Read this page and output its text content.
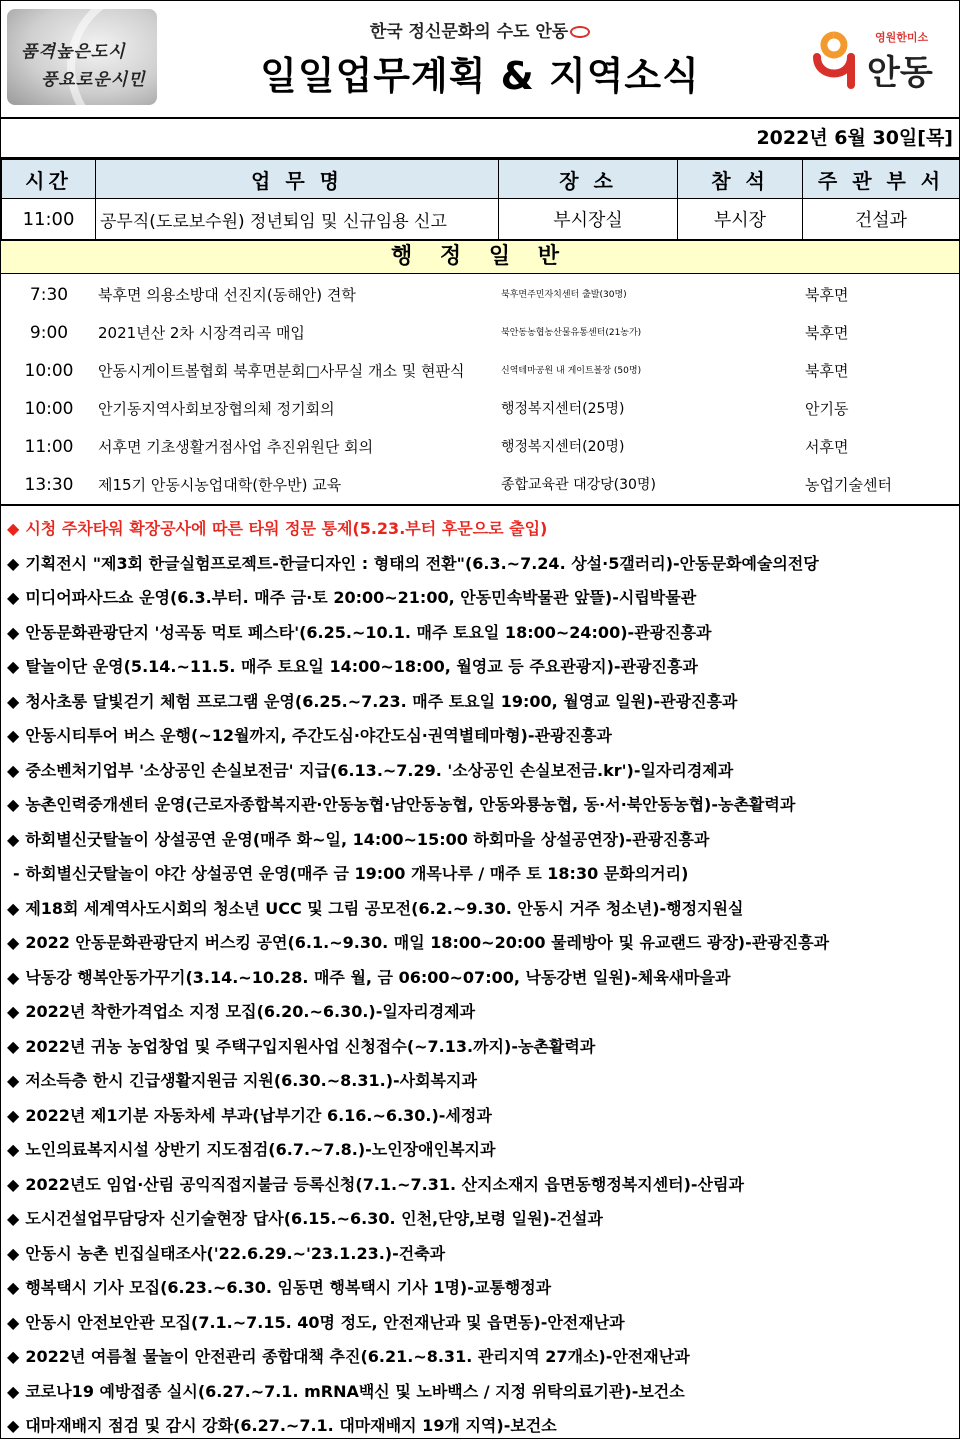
품격높은도시
풍요로운시민
한국 정신문화의 수도 안동
일일업무계획 & 지역소식
영원한미소
안동
2022년 6월 30일[목]
시간	업 무 명	장 소	참 석	주 관 부 서
11:00	공무직(도로보수원) 정년퇴임 및 신규임용 신고	부시장실	부시장	건설과
행 정 일 반
7:30	북후면 의용소방대 선진지(동해안) 견학	북후면주민자치센터 출발(30명)	북후면
9:00	2021년산 2차 시장격리곡 매입	북안동농협농산물유통센터(21농가)	북후면
10:00	안동시게이트볼협회 북후면분회□사무실 개소 및 현판식	신역테마공원 내 게이트볼장 (50명)	북후면
10:00	안기동지역사회보장협의체 정기회의	행정복지센터(25명)	안기동
11:00	서후면 기초생활거점사업 추진위원단 회의	행정복지센터(20명)	서후면
13:30	제15기 안동시농업대학(한우반) 교육	종합교육관 대강당(30명)	농업기술센터
◆ 시청 주차타워 확장공사에 따른 타워 정문 통제(5.23.부터 후문으로 출입)
◆ 기획전시 "제3회 한글실험프로젝트-한글디자인 : 형태의 전환"(6.3.~7.24. 상설·5갤러리)-안동문화예술의전당
◆ 미디어파사드쇼 운영(6.3.부터. 매주 금·토 20:00~21:00, 안동민속박물관 앞뜰)-시립박물관
◆ 안동문화관광단지 '성곡동 먹토 페스타'(6.25.~10.1. 매주 토요일 18:00~24:00)-관광진흥과
◆ 탈놀이단 운영(5.14.~11.5. 매주 토요일 14:00~18:00, 월영교 등 주요관광지)-관광진흥과
◆ 청사초롱 달빛걷기 체험 프로그램 운영(6.25.~7.23. 매주 토요일 19:00, 월영교 일원)-관광진흥과
◆ 안동시티투어 버스 운행(~12월까지, 주간도심·야간도심·권역별테마형)-관광진흥과
◆ 중소벤처기업부 '소상공인 손실보전금' 지급(6.13.~7.29. '소상공인 손실보전금.kr')-일자리경제과
◆ 농촌인력중개센터 운영(근로자종합복지관·안동농협·남안동농협, 안동와룡농협, 동·서·북안동농협)-농촌활력과
◆ 하회별신굿탈놀이 상설공연 운영(매주 화~일, 14:00~15:00 하회마을 상설공연장)-관광진흥과
- 하회별신굿탈놀이 야간 상설공연 운영(매주 금 19:00 개목나루 / 매주 토 18:30 문화의거리)
◆ 제18회 세계역사도시회의 청소년 UCC 및 그림 공모전(6.2.~9.30. 안동시 거주 청소년)-행정지원실
◆ 2022 안동문화관광단지 버스킹 공연(6.1.~9.30. 매일 18:00~20:00 물레방아 및 유교랜드 광장)-관광진흥과
◆ 낙동강 행복안동가꾸기(3.14.~10.28. 매주 월, 금 06:00~07:00, 낙동강변 일원)-체육새마을과
◆ 2022년 착한가격업소 지정 모집(6.20.~6.30.)-일자리경제과
◆ 2022년 귀농 농업창업 및 주택구입지원사업 신청접수(~7.13.까지)-농촌활력과
◆ 저소득층 한시 긴급생활지원금 지원(6.30.~8.31.)-사회복지과
◆ 2022년 제1기분 자동차세 부과(납부기간 6.16.~6.30.)-세정과
◆ 노인의료복지시설 상반기 지도점검(6.7.~7.8.)-노인장애인복지과
◆ 2022년도 임업·산림 공익직접지불금 등록신청(7.1.~7.31. 산지소재지 읍면동행정복지센터)-산림과
◆ 도시건설업무담당자 신기술현장 답사(6.15.~6.30. 인천,단양,보령 일원)-건설과
◆ 안동시 농촌 빈집실태조사('22.6.29.~'23.1.23.)-건축과
◆ 행복택시 기사 모집(6.23.~6.30. 임동면 행복택시 기사 1명)-교통행정과
◆ 안동시 안전보안관 모집(7.1.~7.15. 40명 정도, 안전재난과 및 읍면동)-안전재난과
◆ 2022년 여름철 물놀이 안전관리 종합대책 추진(6.21.~8.31. 관리지역 27개소)-안전재난과
◆ 코로나19 예방접종 실시(6.27.~7.1. mRNA백신 및 노바백스 / 지정 위탁의료기관)-보건소
◆ 대마재배지 점검 및 감시 강화(6.27.~7.1. 대마재배지 19개 지역)-보건소
